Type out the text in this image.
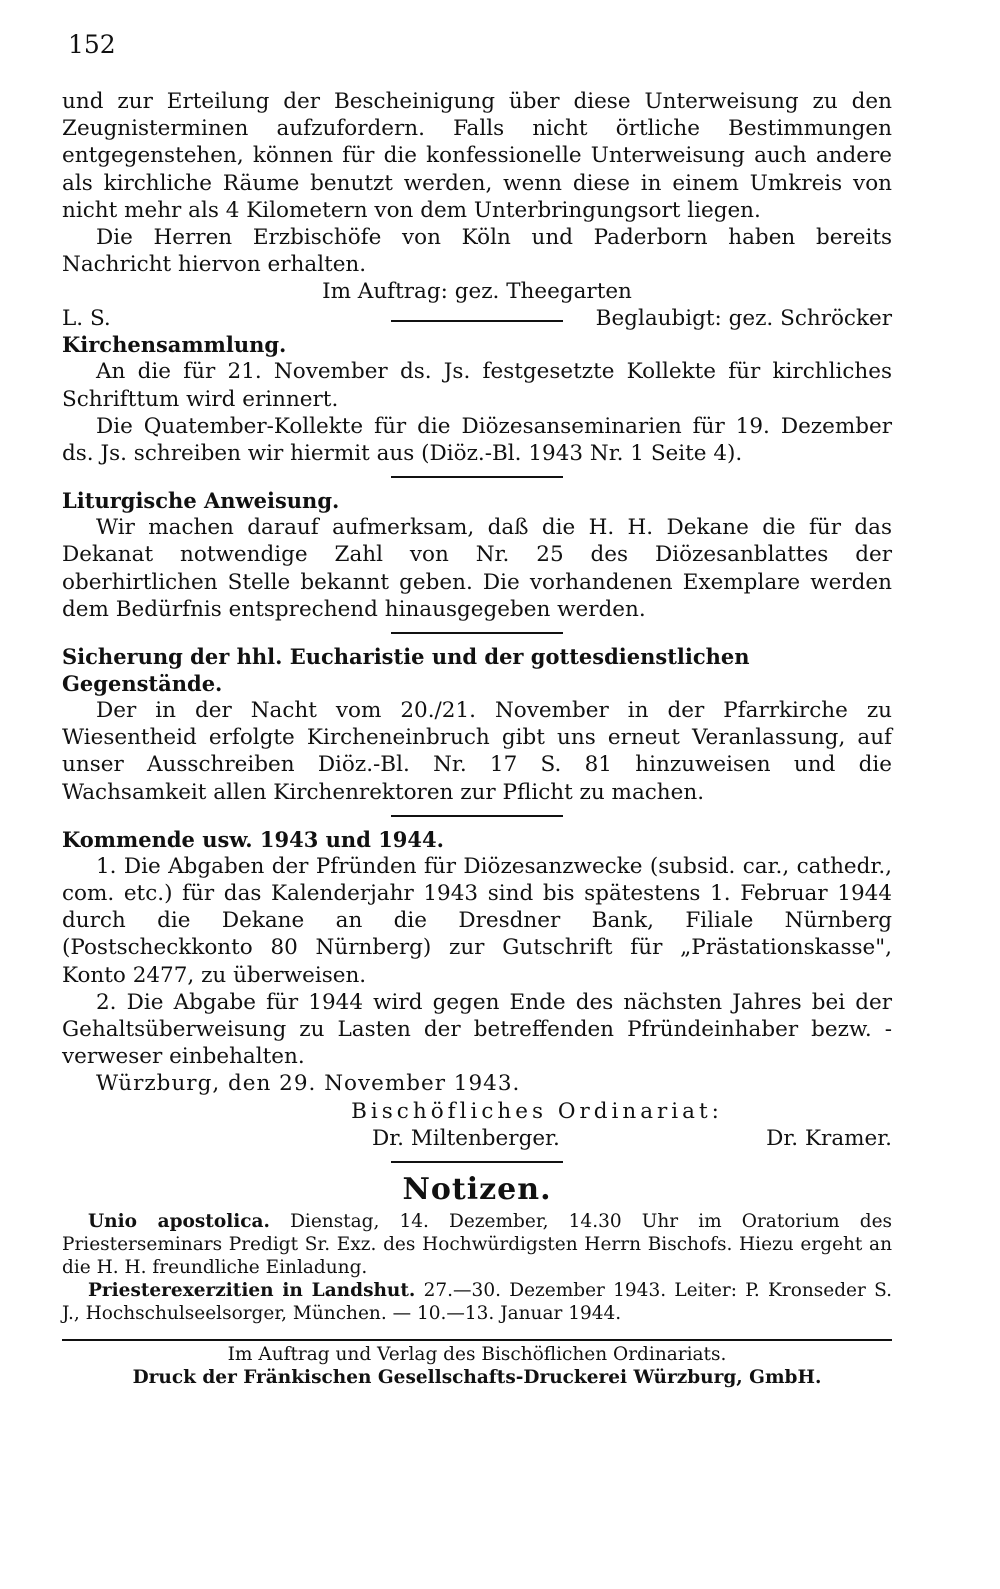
152

und zur Erteilung der Bescheinigung über diese Unterweisung zu den Zeugnisterminen aufzufordern. Falls nicht örtliche Bestimmungen entgegenstehen, können für die konfessionelle Unterweisung auch andere als kirchliche Räume benutzt werden, wenn diese in einem Umkreis von nicht mehr als 4 Kilometern von dem Unterbringungsort liegen.

Die Herren Erzbischöfe von Köln und Paderborn haben bereits Nachricht hiervon erhalten.

Im Auftrag: gez. Theegarten
L. S.	Beglaubigt: gez. Schröcker

Kirchensammlung.

An die für 21. November ds. Js. festgesetzte Kollekte für kirchliches Schrifttum wird erinnert.

Die Quatember-Kollekte für die Diözesanseminarien für 19. Dezember ds. Js. schreiben wir hiermit aus (Diöz.-Bl. 1943 Nr. 1 Seite 4).

Liturgische Anweisung.

Wir machen darauf aufmerksam, daß die H. H. Dekane die für das Dekanat notwendige Zahl von Nr. 25 des Diözesanblattes der oberhirtlichen Stelle bekannt geben. Die vorhandenen Exemplare werden dem Bedürfnis entsprechend hinausgegeben werden.

Sicherung der hhl. Eucharistie und der gottesdienstlichen Gegenstände.

Der in der Nacht vom 20./21. November in der Pfarrkirche zu Wiesentheid erfolgte Kircheneinbruch gibt uns erneut Veranlassung, auf unser Ausschreiben Diöz.-Bl. Nr. 17 S. 81 hinzuweisen und die Wachsamkeit allen Kirchenrektoren zur Pflicht zu machen.

Kommende usw. 1943 und 1944.

1. Die Abgaben der Pfründen für Diözesanzwecke (subsid. car., cathedr., com. etc.) für das Kalenderjahr 1943 sind bis spätestens 1. Februar 1944 durch die Dekane an die Dresdner Bank, Filiale Nürnberg (Postscheckkonto 80 Nürnberg) zur Gutschrift für „Prästationskasse", Konto 2477, zu überweisen.

2. Die Abgabe für 1944 wird gegen Ende des nächsten Jahres bei der Gehaltsüberweisung zu Lasten der betreffenden Pfründeinhaber bezw. -verweser einbehalten.

Würzburg, den 29. November 1943.

Bischöfliches Ordinariat:
Dr. Miltenberger.	Dr. Kramer.
Notizen.

Unio apostolica. Dienstag, 14. Dezember, 14.30 Uhr im Oratorium des Priesterseminars Predigt Sr. Exz. des Hochwürdigsten Herrn Bischofs. Hiezu ergeht an die H. H. freundliche Einladung.

Priesterexerzitien in Landshut. 27.—30. Dezember 1943. Leiter: P. Kronseder S. J., Hochschulseelsorger, München. — 10.—13. Januar 1944.

Im Auftrag und Verlag des Bischöflichen Ordinariats.

Druck der Fränkischen Gesellschafts-Druckerei Würzburg, GmbH.
